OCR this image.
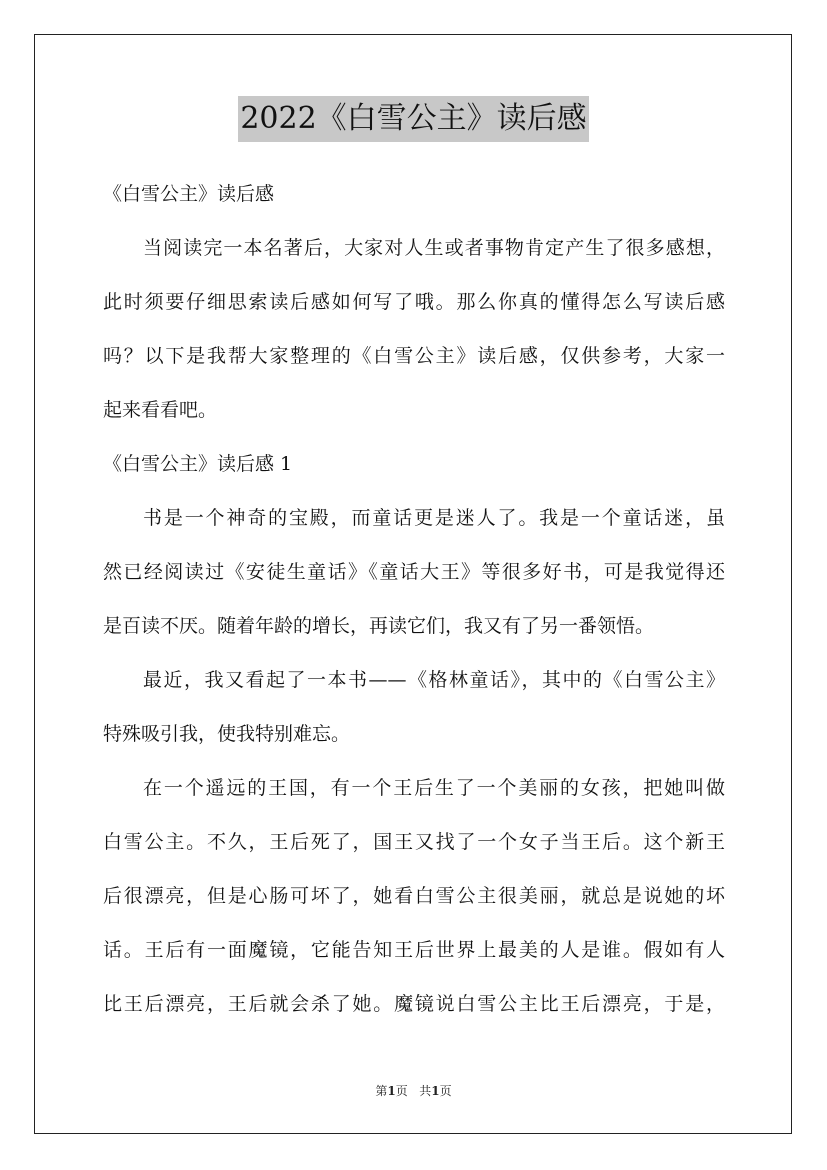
2022《白雪公主》读后感
《白雪公主》读后感
当阅读完一本名著后，大家对人生或者事物肯定产生了很多感想，
此时须要仔细思索读后感如何写了哦。那么你真的懂得怎么写读后感
吗？以下是我帮大家整理的《白雪公主》读后感，仅供参考，大家一
起来看看吧。
《白雪公主》读后感 1
书是一个神奇的宝殿，而童话更是迷人了。我是一个童话迷，虽
然已经阅读过《安徒生童话》《童话大王》等很多好书，可是我觉得还
是百读不厌。随着年龄的增长，再读它们，我又有了另一番领悟。
最近，我又看起了一本书——《格林童话》，其中的《白雪公主》
特殊吸引我，使我特别难忘。
在一个遥远的王国，有一个王后生了一个美丽的女孩，把她叫做
白雪公主。不久，王后死了，国王又找了一个女子当王后。这个新王
后很漂亮，但是心肠可坏了，她看白雪公主很美丽，就总是说她的坏
话。王后有一面魔镜，它能告知王后世界上最美的人是谁。假如有人
比王后漂亮，王后就会杀了她。魔镜说白雪公主比王后漂亮，于是，
第1页 共1页
